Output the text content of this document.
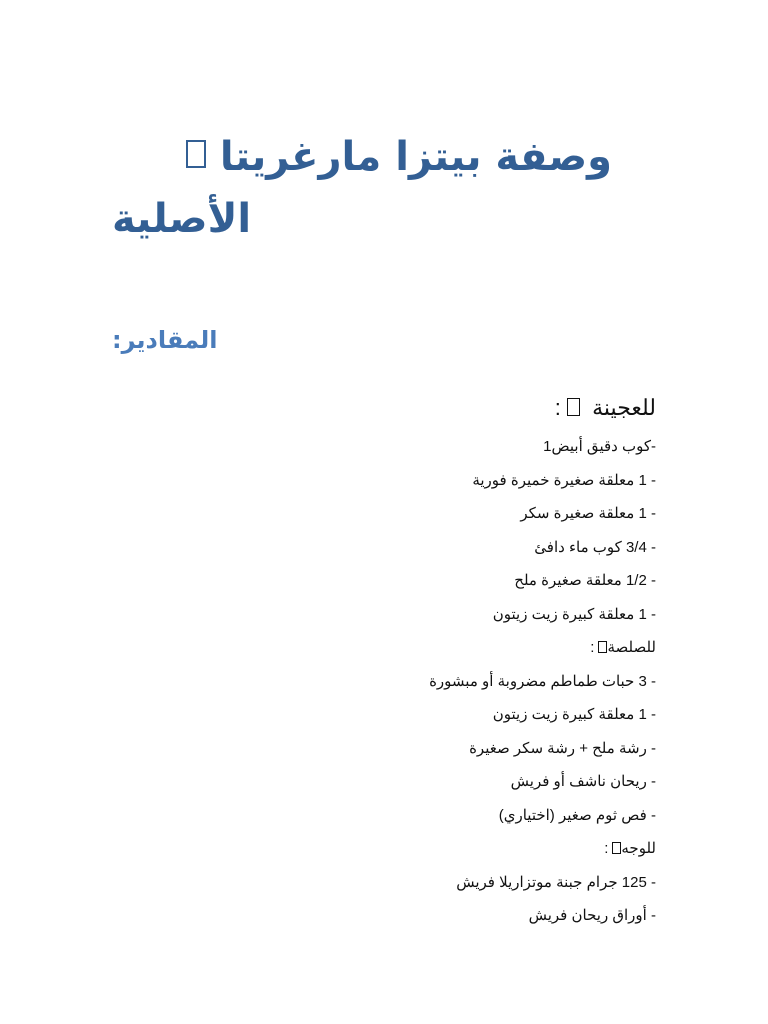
وصفة بيتزا مارغريتا
الأصلية
المقادير:

للعجينة  :

-كوب دقيق أبيض1

- 1 معلقة صغيرة خميرة فورية

- 1 معلقة صغيرة سكر

- 3/4 كوب ماء دافئ

- 1/2 معلقة صغيرة ملح

- 1 معلقة كبيرة زيت زيتون

للصلصة:

- 3 حبات طماطم مضروبة أو مبشورة

- 1 معلقة كبيرة زيت زيتون

- رشة ملح + رشة سكر صغيرة

- ريحان ناشف أو فريش

- فص ثوم صغير (اختياري)

للوجه:

- 125 جرام جبنة موتزاريلا فريش

- أوراق ريحان فريش
